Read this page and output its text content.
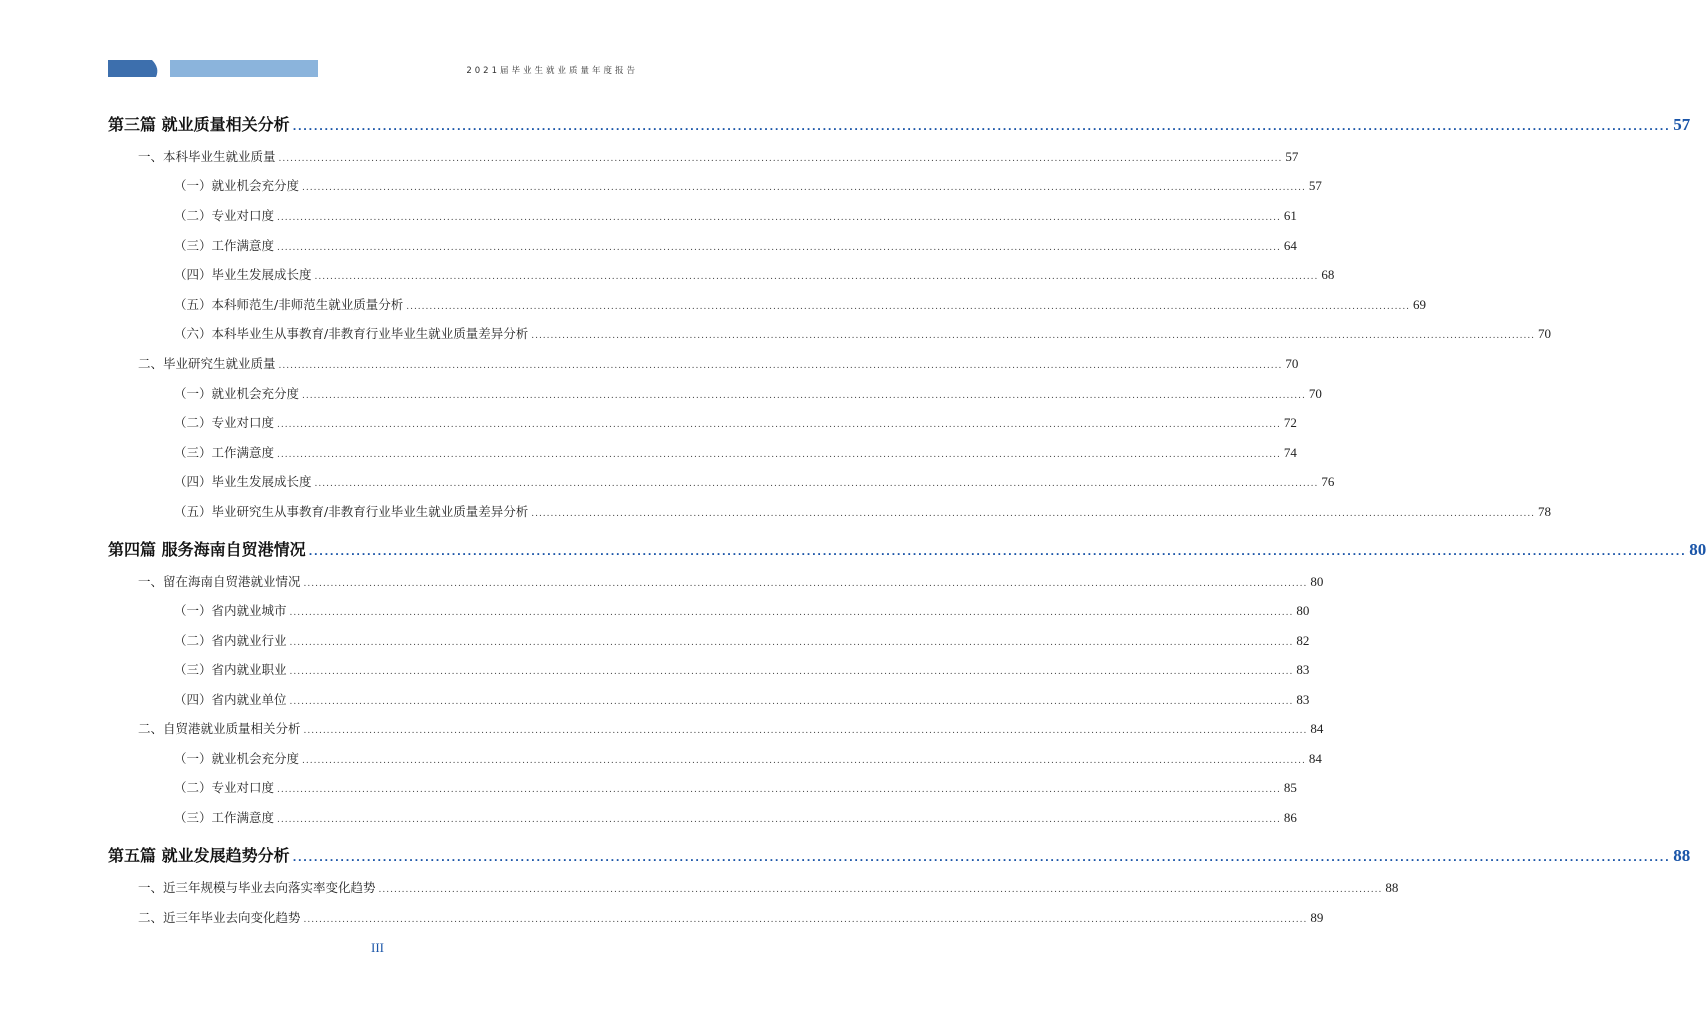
2021届毕业生就业质量年度报告
第三篇 就业质量相关分析 .................................................................................................................................................................................................................................................................... 57
一、本科毕业生就业质量 .................................................................................................................................................................................................................................................................... 57
（一）就业机会充分度 .................................................................................................................................................................................................................................................................... 57
（二）专业对口度 .................................................................................................................................................................................................................................................................... 61
（三）工作满意度 .................................................................................................................................................................................................................................................................... 64
（四）毕业生发展成长度 .................................................................................................................................................................................................................................................................... 68
（五）本科师范生/非师范生就业质量分析 .................................................................................................................................................................................................................................................................... 69
（六）本科毕业生从事教育/非教育行业毕业生就业质量差异分析 .................................................................................................................................................................................................................................................................... 70
二、毕业研究生就业质量 .................................................................................................................................................................................................................................................................... 70
（一）就业机会充分度 .................................................................................................................................................................................................................................................................... 70
（二）专业对口度 .................................................................................................................................................................................................................................................................... 72
（三）工作满意度 .................................................................................................................................................................................................................................................................... 74
（四）毕业生发展成长度 .................................................................................................................................................................................................................................................................... 76
（五）毕业研究生从事教育/非教育行业毕业生就业质量差异分析 .................................................................................................................................................................................................................................................................... 78
第四篇 服务海南自贸港情况 .................................................................................................................................................................................................................................................................... 80
一、留在海南自贸港就业情况 .................................................................................................................................................................................................................................................................... 80
（一）省内就业城市 .................................................................................................................................................................................................................................................................... 80
（二）省内就业行业 .................................................................................................................................................................................................................................................................... 82
（三）省内就业职业 .................................................................................................................................................................................................................................................................... 83
（四）省内就业单位 .................................................................................................................................................................................................................................................................... 83
二、自贸港就业质量相关分析 .................................................................................................................................................................................................................................................................... 84
（一）就业机会充分度 .................................................................................................................................................................................................................................................................... 84
（二）专业对口度 .................................................................................................................................................................................................................................................................... 85
（三）工作满意度 .................................................................................................................................................................................................................................................................... 86
第五篇 就业发展趋势分析 .................................................................................................................................................................................................................................................................... 88
一、近三年规模与毕业去向落实率变化趋势 .................................................................................................................................................................................................................................................................... 88
二、近三年毕业去向变化趋势 .................................................................................................................................................................................................................................................................... 89
III
